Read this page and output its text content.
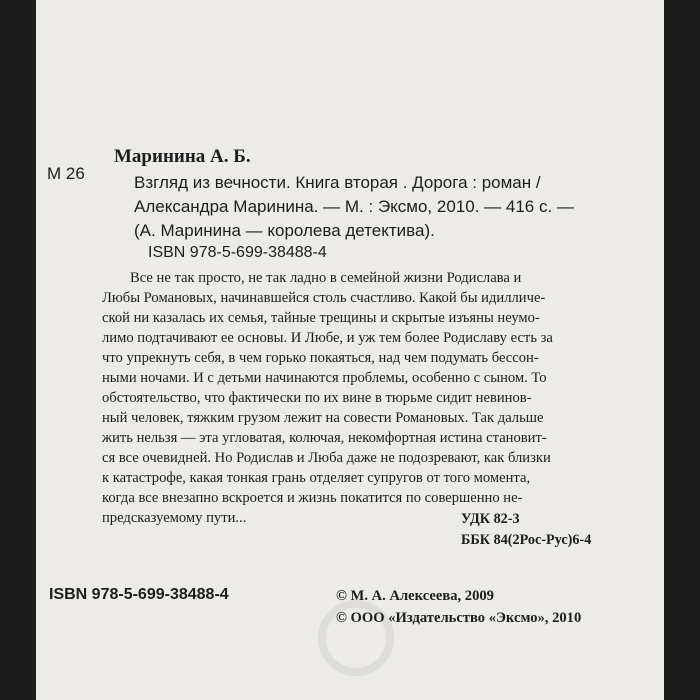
Маринина А. Б.
М 26	Взгляд из вечности. Книга вторая . Дорога : роман /
Александра Маринина. — М. : Эксмо, 2010. — 416 с. —
(А. Маринина — королева детектива).
ISBN 978-5-699-38488-4
Все не так просто, не так ладно в семейной жизни Родислава и
Любы Романовых, начинавшейся столь счастливо. Какой бы идилличе-
ской ни казалась их семья, тайные трещины и скрытые изъяны неумо-
лимо подтачивают ее основы. И Любе, и уж тем более Родиславу есть за
что упрекнуть себя, в чем горько покаяться, над чем подумать бессон-
ными ночами. И с детьми начинаются проблемы, особенно с сыном. То
обстоятельство, что фактически по их вине в тюрьме сидит невинов-
ный человек, тяжким грузом лежит на совести Романовых. Так дальше
жить нельзя — эта угловатая, колючая, некомфортная истина становит-
ся все очевидней. Но Родислав и Люба даже не подозревают, как близки
к катастрофе, какая тонкая грань отделяет супругов от того момента,
когда все внезапно вскроется и жизнь покатится по совершенно не-
предсказуемому пути...	УДК 82-3
ББК 84(2Рос-Рус)6-4
ISBN 978-5-699-38488-4	© М. А. Алексеева, 2009
© ООО «Издательство «Эксмо», 2010
